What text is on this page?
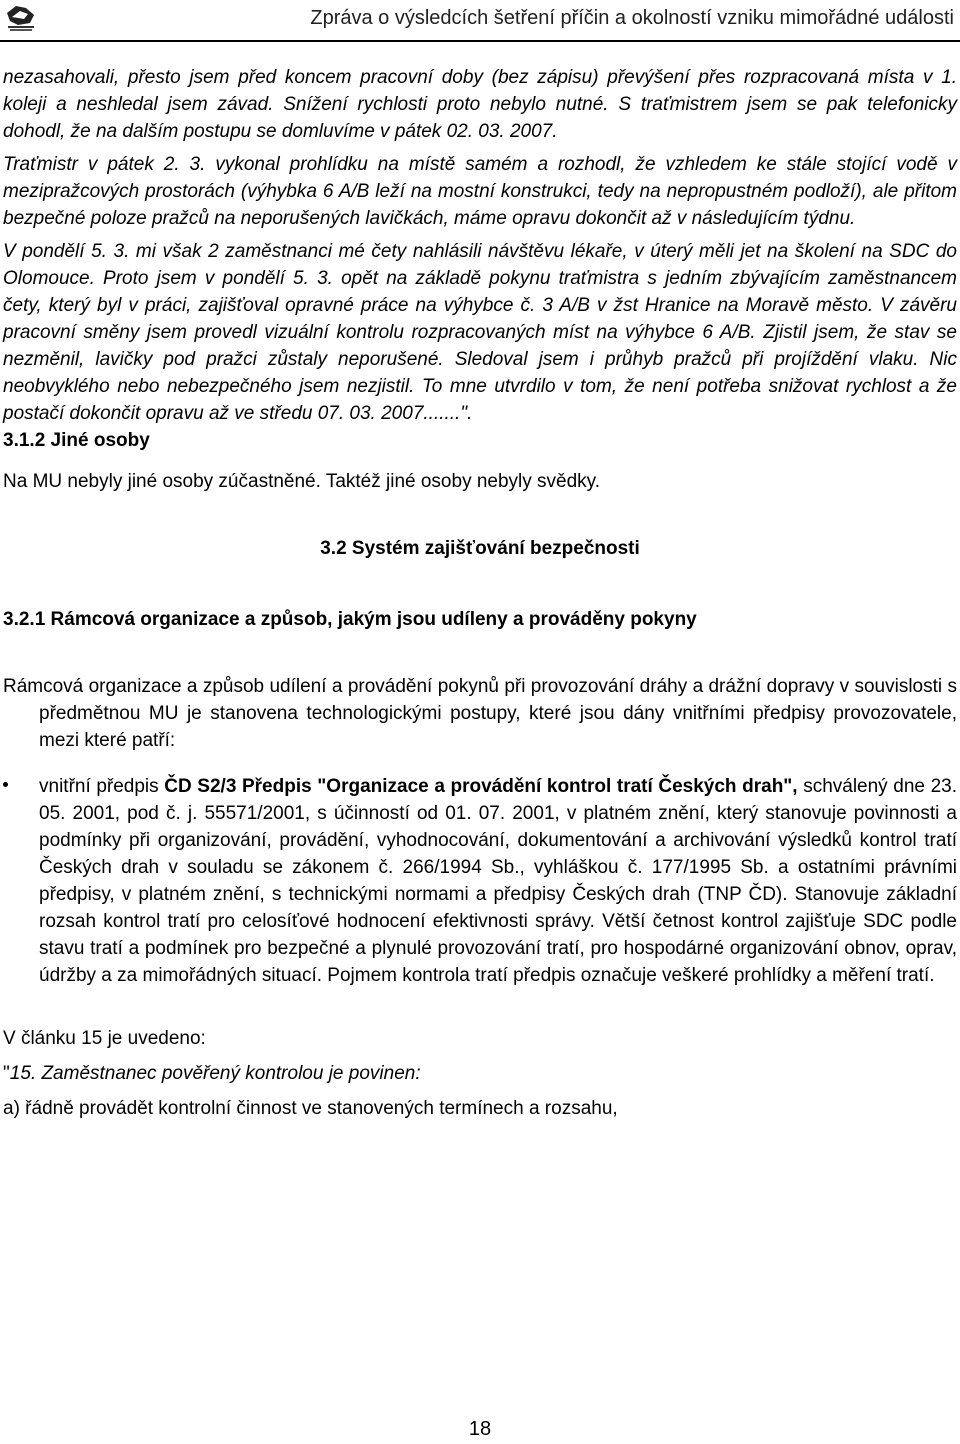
Zpráva o výsledcích šetření příčin a okolností vzniku mimořádné události

nezasahovali, přesto jsem před koncem pracovní doby (bez zápisu) převýšení přes rozpracovaná místa v 1. koleji a neshledal jsem závad. Snížení rychlosti proto nebylo nutné. S traťmistrem jsem se pak telefonicky dohodl, že na dalším postupu se domluvíme v pátek 02. 03. 2007.

Traťmistr v pátek 2. 3. vykonal prohlídku na místě samém a rozhodl, že vzhledem ke stále stojící vodě v mezipražcových prostorách (výhybka 6 A/B leží na mostní konstrukci, tedy na nepropustném podloží), ale přitom bezpečné poloze pražců na neporušených lavičkách, máme opravu dokončit až v následujícím týdnu.

V pondělí 5. 3. mi však 2 zaměstnanci mé čety nahlásili návštěvu lékaře, v úterý měli jet na školení na SDC do Olomouce. Proto jsem v pondělí 5. 3. opět na základě pokynu traťmistra s jedním zbývajícím zaměstnancem čety, který byl v práci, zajišťoval opravné práce na výhybce č. 3 A/B v žst Hranice na Moravě město. V závěru pracovní směny jsem provedl vizuální kontrolu rozpracovaných míst na výhybce 6 A/B. Zjistil jsem, že stav se nezměnil, lavičky pod pražci zůstaly neporušené. Sledoval jsem i průhyb pražců při projíždění vlaku. Nic neobvyklého nebo nebezpečného jsem nezjistil. To mne utvrdilo v tom, že není potřeba snižovat rychlost a že postačí dokončit opravu až ve středu 07. 03. 2007.......".

3.1.2 Jiné osoby

Na MU nebyly jiné osoby zúčastněné. Taktéž jiné osoby nebyly svědky.

3.2 Systém zajišťování bezpečnosti

3.2.1 Rámcová organizace a způsob, jakým jsou udíleny a prováděny pokyny

Rámcová organizace a způsob udílení a provádění pokynů při provozování dráhy a drážní dopravy v souvislosti s předmětnou MU je stanovena technologickými postupy, které jsou dány vnitřními předpisy provozovatele, mezi které patří:

vnitřní předpis ČD S2/3 Předpis "Organizace a provádění kontrol tratí Českých drah", schválený dne 23. 05. 2001, pod č. j. 55571/2001, s účinností od 01. 07. 2001, v platném znění, který stanovuje povinnosti a podmínky při organizování, provádění, vyhodnocování, dokumentování a archivování výsledků kontrol tratí Českých drah v souladu se zákonem č. 266/1994 Sb., vyhláškou č. 177/1995 Sb. a ostatními právními předpisy, v platném znění, s technickými normami a předpisy Českých drah (TNP ČD). Stanovuje základní rozsah kontrol tratí pro celosíťové hodnocení efektivnosti správy. Větší četnost kontrol zajišťuje SDC podle stavu tratí a podmínek pro bezpečné a plynulé provozování tratí, pro hospodárné organizování obnov, oprav, údržby a za mimořádných situací. Pojmem kontrola tratí předpis označuje veškeré prohlídky a měření tratí.

V článku 15 je uvedeno:

"15. Zaměstnanec pověřený kontrolou je povinen:

a) řádně provádět kontrolní činnost ve stanovených termínech a rozsahu,

18
